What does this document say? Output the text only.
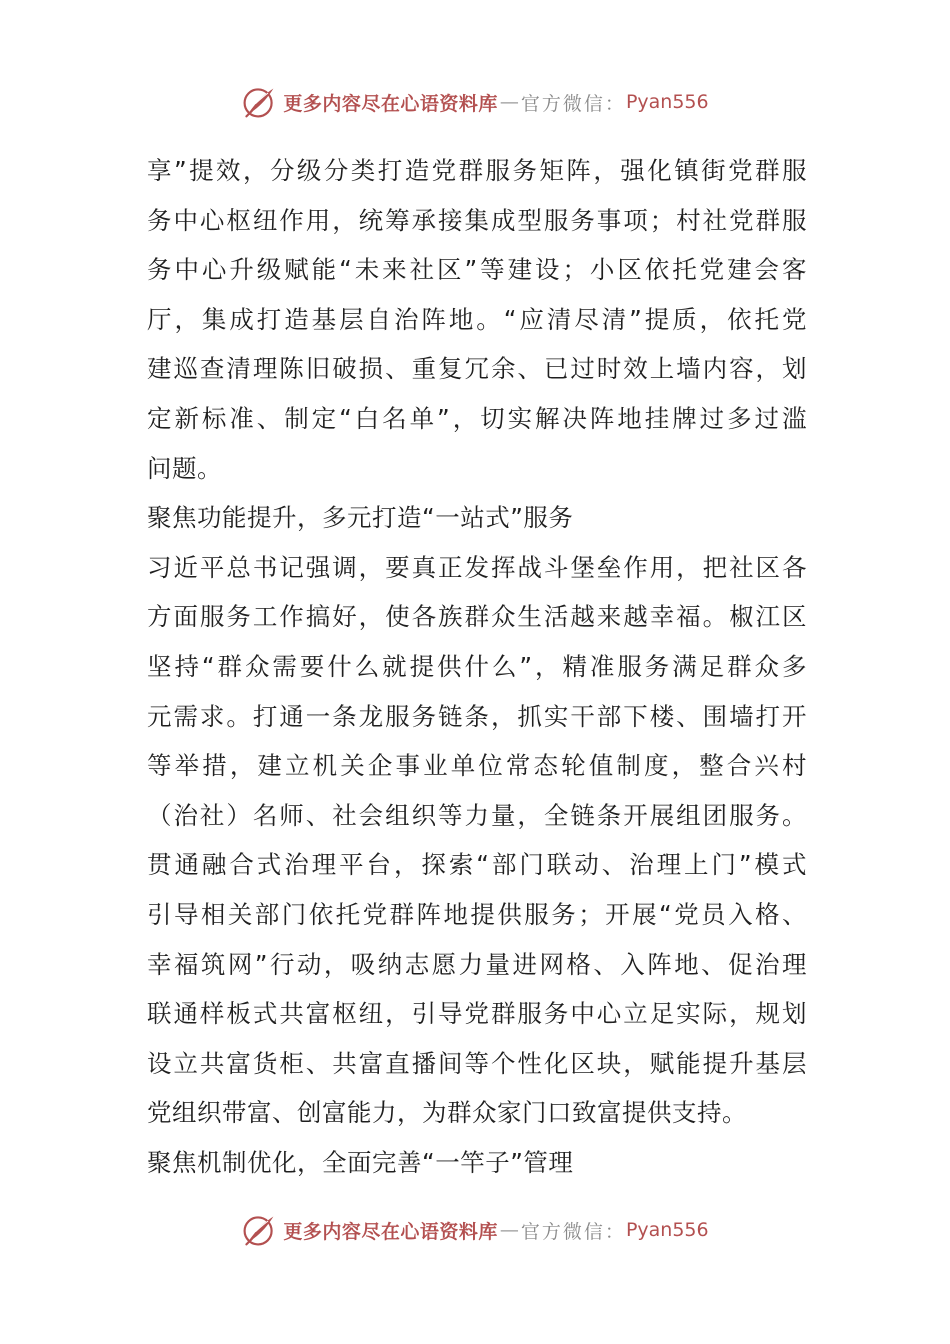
更多内容尽在心语资料库 — 官方微信： Pyan556
享”提效，分级分类打造党群服务矩阵，强化镇街党群服
务中心枢纽作用，统筹承接集成型服务事项；村社党群服
务中心升级赋能“未来社区”等建设；小区依托党建会客
厅，集成打造基层自治阵地。“应清尽清”提质，依托党
建巡查清理陈旧破损、重复冗余、已过时效上墙内容，划
定新标准、制定“白名单”，切实解决阵地挂牌过多过滥
问题。
聚焦功能提升，多元打造“一站式”服务
习近平总书记强调，要真正发挥战斗堡垒作用，把社区各
方面服务工作搞好，使各族群众生活越来越幸福。椒江区
坚持“群众需要什么就提供什么”，精准服务满足群众多
元需求。打通一条龙服务链条，抓实干部下楼、围墙打开
等举措，建立机关企事业单位常态轮值制度，整合兴村
（治社）名师、社会组织等力量，全链条开展组团服务。
贯通融合式治理平台，探索“部门联动、治理上门”模式
引导相关部门依托党群阵地提供服务；开展“党员入格、
幸福筑网”行动，吸纳志愿力量进网格、入阵地、促治理
联通样板式共富枢纽，引导党群服务中心立足实际，规划
设立共富货柜、共富直播间等个性化区块，赋能提升基层
党组织带富、创富能力，为群众家门口致富提供支持。
聚焦机制优化，全面完善“一竿子”管理
更多内容尽在心语资料库 — 官方微信： Pyan556
